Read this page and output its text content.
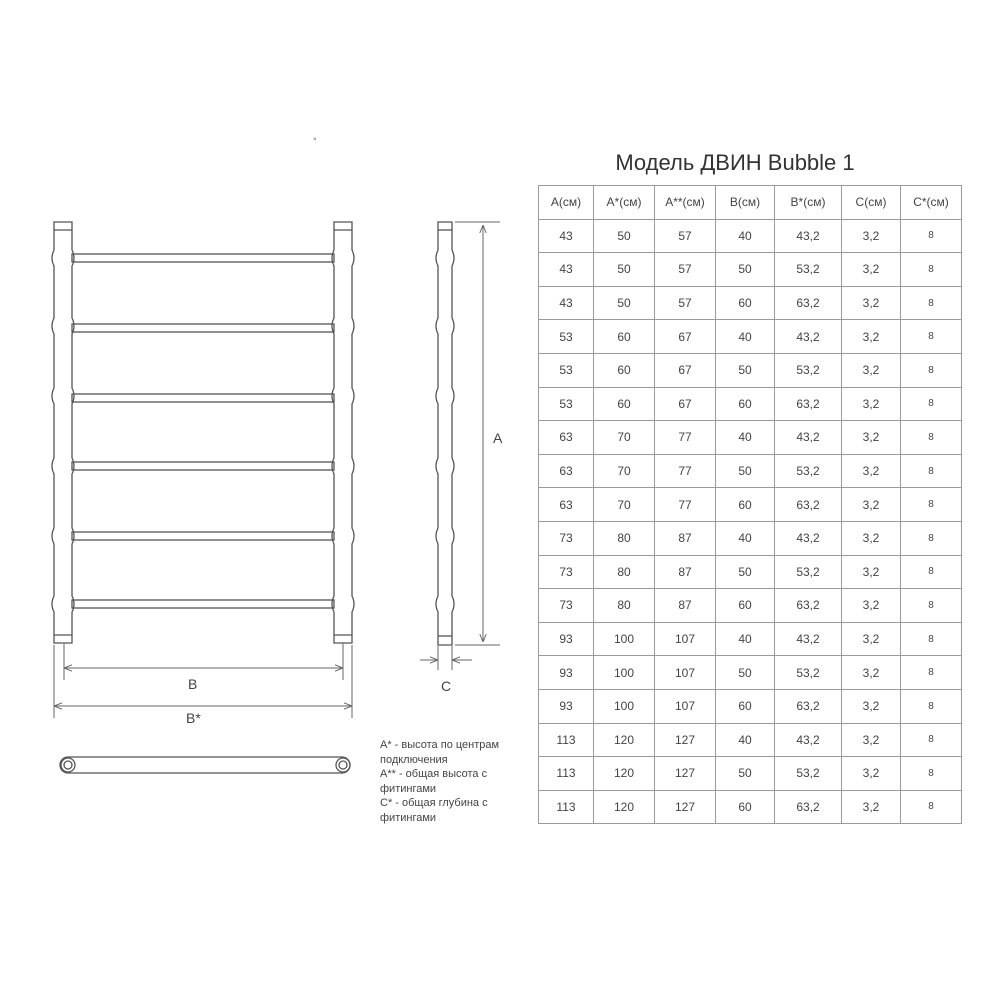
°
A
B
B*
C
A* - высота по центрам подключения
A** - общая высота с фитингами
C* - общая глубина с фитингами
Модель ДВИН Bubble 1
A(см)	A*(см)	A**(см)	B(см)	B*(см)	C(см)	C*(см)
43	50	57	40	43,2	3,2	8
43	50	57	50	53,2	3,2	8
43	50	57	60	63,2	3,2	8
53	60	67	40	43,2	3,2	8
53	60	67	50	53,2	3,2	8
53	60	67	60	63,2	3,2	8
63	70	77	40	43,2	3,2	8
63	70	77	50	53,2	3,2	8
63	70	77	60	63,2	3,2	8
73	80	87	40	43,2	3,2	8
73	80	87	50	53,2	3,2	8
73	80	87	60	63,2	3,2	8
93	100	107	40	43,2	3,2	8
93	100	107	50	53,2	3,2	8
93	100	107	60	63,2	3,2	8
113	120	127	40	43,2	3,2	8
113	120	127	50	53,2	3,2	8
113	120	127	60	63,2	3,2	8
